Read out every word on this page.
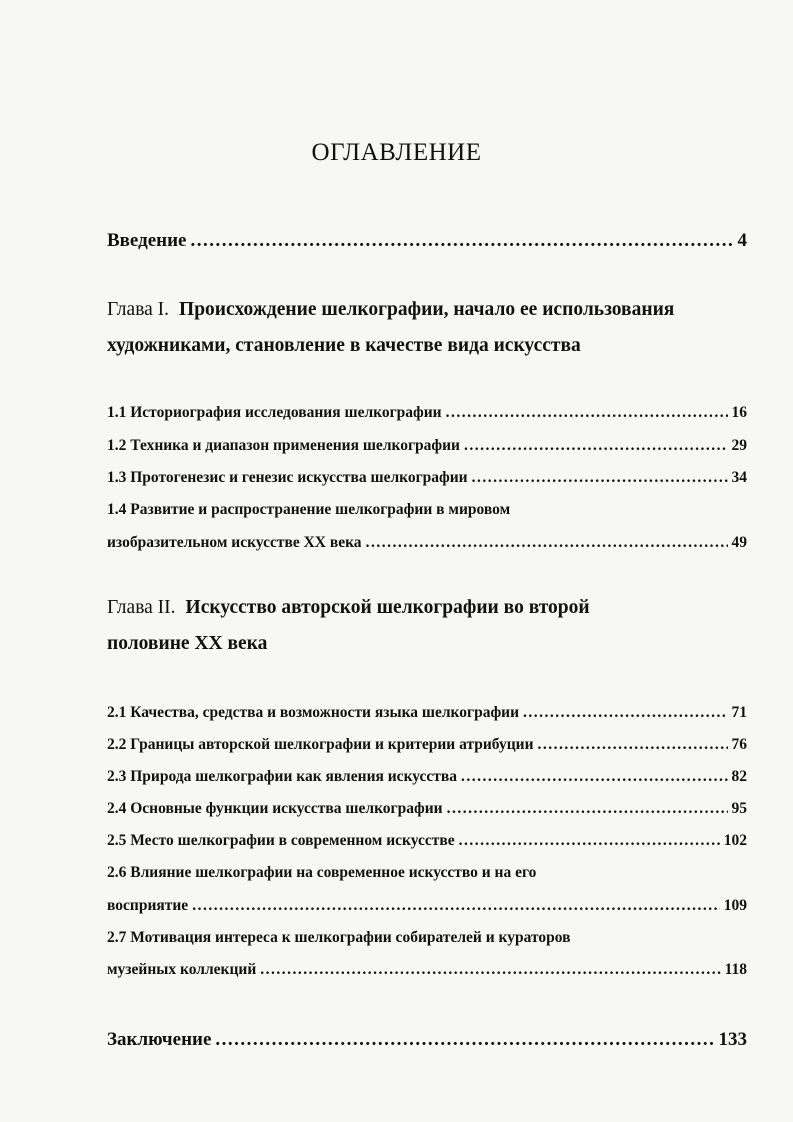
ОГЛАВЛЕНИЕ
Введение .....	4
Глава I. Происхождение шелкографии, начало ее использования
художниками, становление в качестве вида искусства
1.1 Историография исследования шелкографии .....	16
1.2 Техника и диапазон применения шелкографии .....	29
1.3 Протогенезис и генезис искусства шелкографии .....	34
1.4 Развитие и распространение шелкографии в мировом
изобразительном искусстве XX века .....	49
Глава II. Искусство авторской шелкографии во второй
половине XX века
2.1 Качества, средства и возможности языка шелкографии .....	71
2.2 Границы авторской шелкографии и критерии атрибуции .....	76
2.3 Природа шелкографии как явления искусства .....	82
2.4 Основные функции искусства шелкографии .....	95
2.5 Место шелкографии в современном искусстве .....	102
2.6 Влияние шелкографии на современное искусство и на его
восприятие .....	109
2.7 Мотивация интереса к шелкографии собирателей и кураторов
музейных коллекций .....	118
Заключение .....	133
